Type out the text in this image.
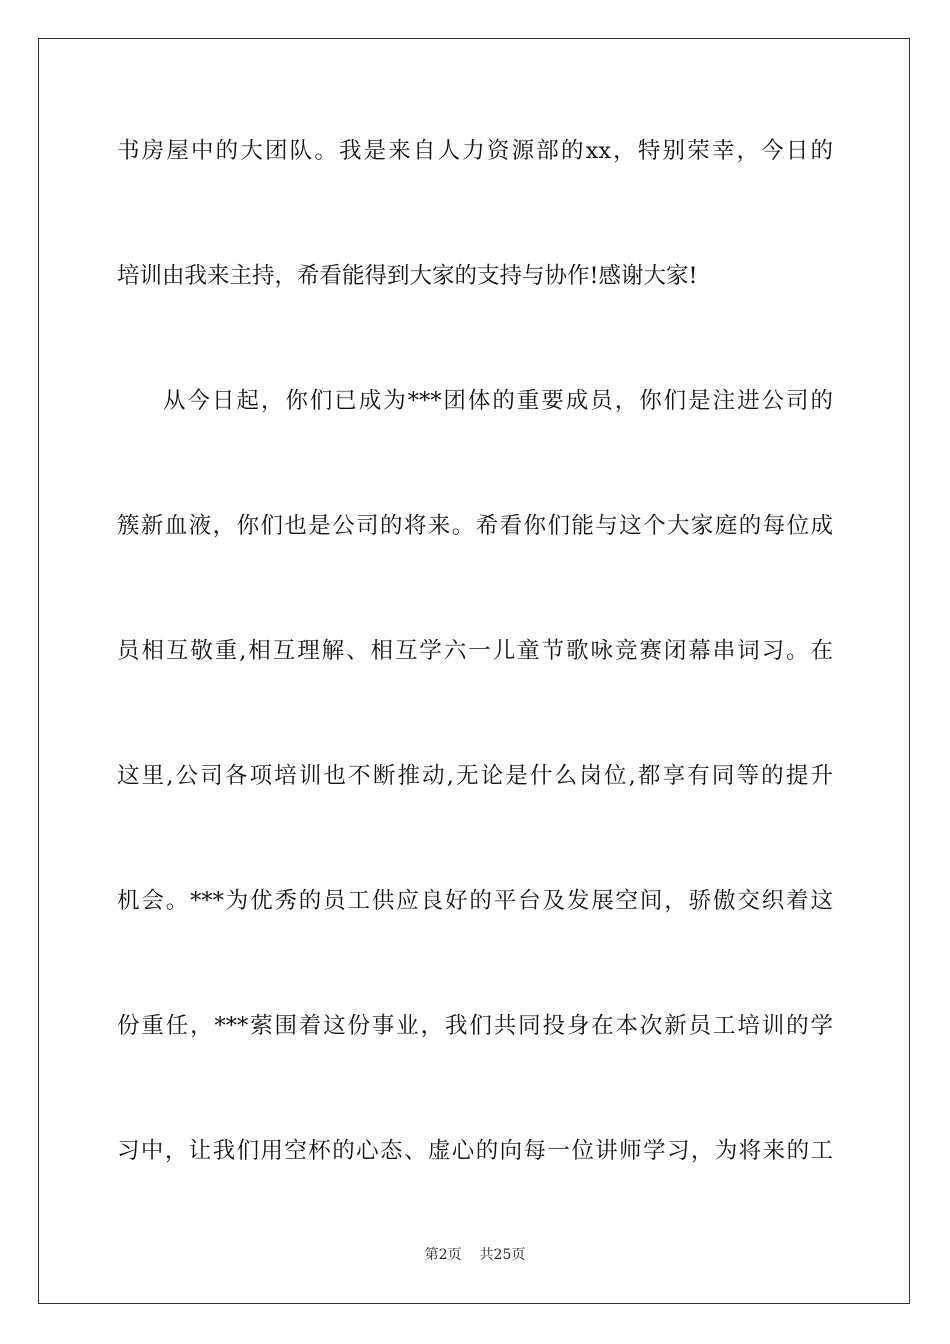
书房屋中的大团队。我是来自人力资源部的xx，特别荣幸，今日的
培训由我来主持，希看能得到大家的支持与协作!感谢大家!
从今日起，你们已成为***团体的重要成员，你们是注进公司的
簇新血液，你们也是公司的将来。希看你们能与这个大家庭的每位成
员相互敬重,相互理解、相互学六一儿童节歌咏竞赛闭幕串词习。在
这里,公司各项培训也不断推动,无论是什么岗位,都享有同等的提升
机会。***为优秀的员工供应良好的平台及发展空间，骄傲交织着这
份重任，***萦围着这份事业，我们共同投身在本次新员工培训的学
习中，让我们用空杯的心态、虚心的向每一位讲师学习，为将来的工
第2页 共25页
